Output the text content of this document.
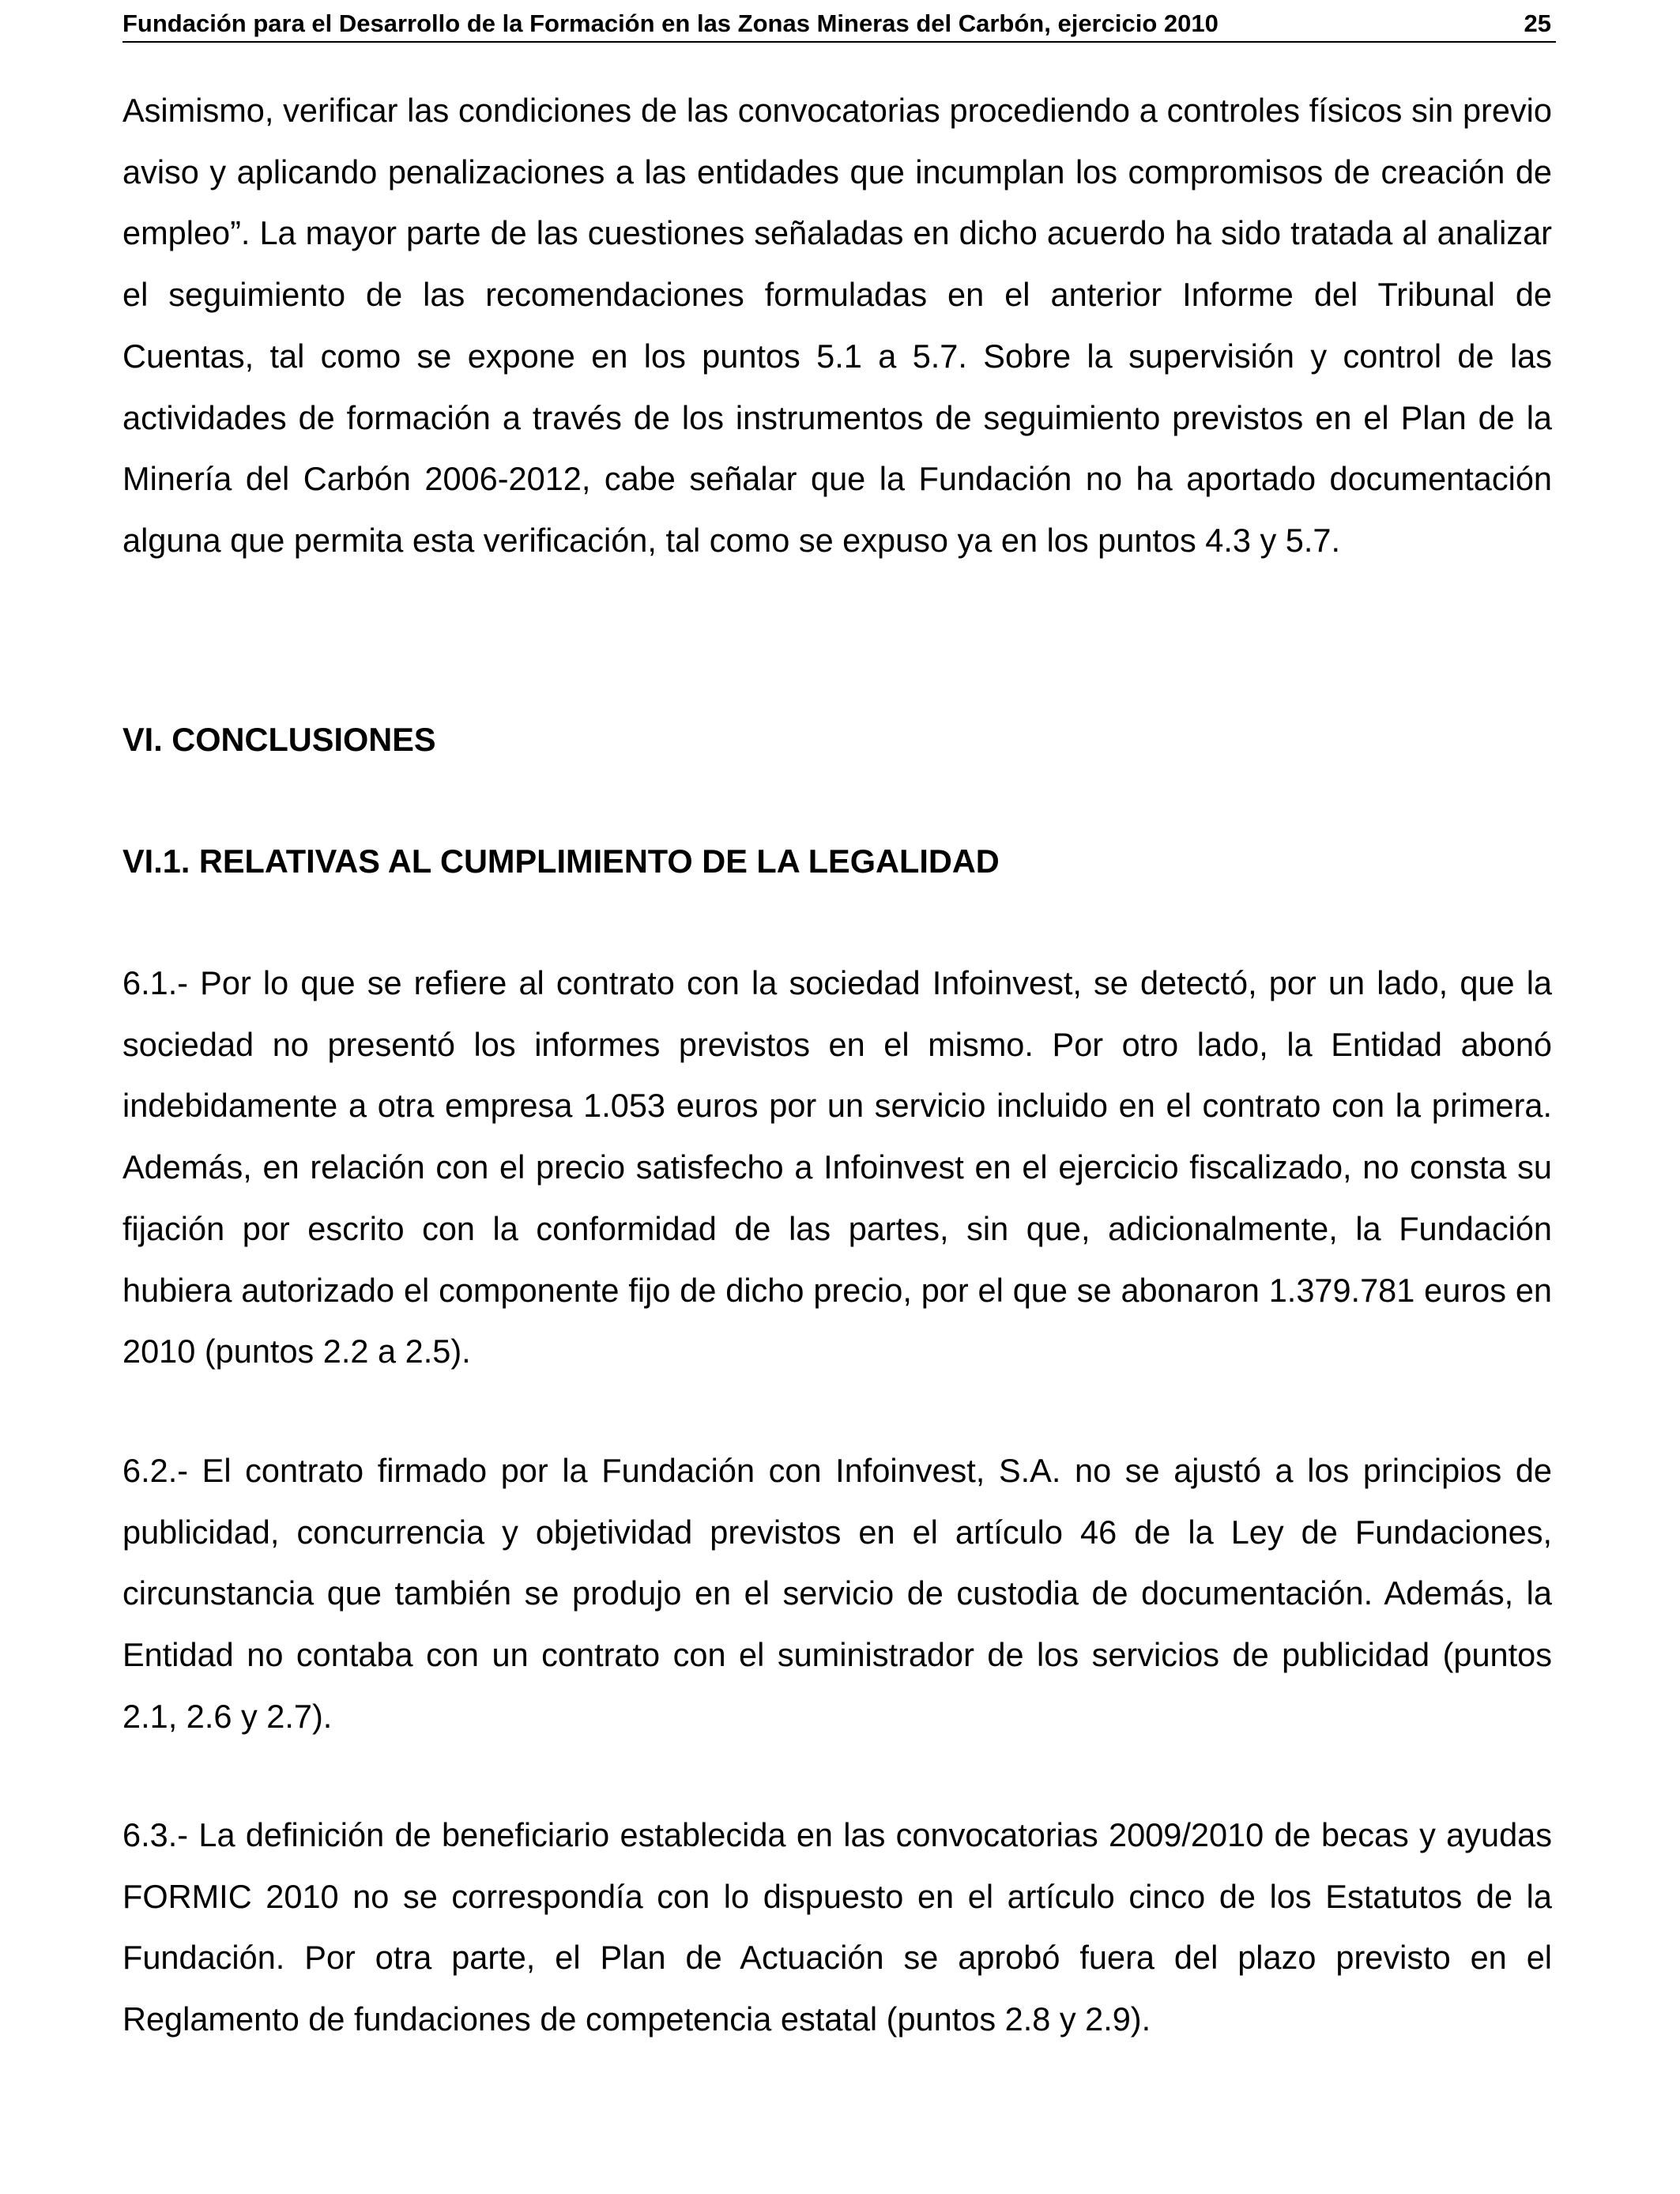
Fundación para el Desarrollo de la Formación en las Zonas Mineras del Carbón, ejercicio 2010	25

Asimismo, verificar las condiciones de las convocatorias procediendo a controles físicos sin previo aviso y aplicando penalizaciones a las entidades que incumplan los compromisos de creación de empleo”. La mayor parte de las cuestiones señaladas en dicho acuerdo ha sido tratada al analizar el seguimiento de las recomendaciones formuladas en el anterior Informe del Tribunal de Cuentas, tal como se expone en los puntos 5.1 a 5.7. Sobre la supervisión y control de las actividades de formación a través de los instrumentos de seguimiento previstos en el Plan de la Minería del Carbón 2006-2012, cabe señalar que la Fundación no ha aportado documentación alguna que permita esta verificación, tal como se expuso ya en los puntos 4.3 y 5.7.

VI. CONCLUSIONES
VI.1. RELATIVAS AL CUMPLIMIENTO DE LA LEGALIDAD

6.1.- Por lo que se refiere al contrato con la sociedad Infoinvest, se detectó, por un lado, que la sociedad no presentó los informes previstos en el mismo. Por otro lado, la Entidad abonó indebidamente a otra empresa 1.053 euros por un servicio incluido en el contrato con la primera. Además, en relación con el precio satisfecho a Infoinvest en el ejercicio fiscalizado, no consta su fijación por escrito con la conformidad de las partes, sin que, adicionalmente, la Fundación hubiera autorizado el componente fijo de dicho precio, por el que se abonaron 1.379.781 euros en 2010 (puntos 2.2 a 2.5).

6.2.- El contrato firmado por la Fundación con Infoinvest, S.A. no se ajustó a los principios de publicidad, concurrencia y objetividad previstos en el artículo 46 de la Ley de Fundaciones, circunstancia que también se produjo en el servicio de custodia de documentación. Además, la Entidad no contaba con un contrato con el suministrador de los servicios de publicidad (puntos 2.1, 2.6 y 2.7).

6.3.- La definición de beneficiario establecida en las convocatorias 2009/2010 de becas y ayudas FORMIC 2010 no se correspondía con lo dispuesto en el artículo cinco de los Estatutos de la Fundación. Por otra parte, el Plan de Actuación se aprobó fuera del plazo previsto en el Reglamento de fundaciones de competencia estatal (puntos 2.8 y 2.9).
